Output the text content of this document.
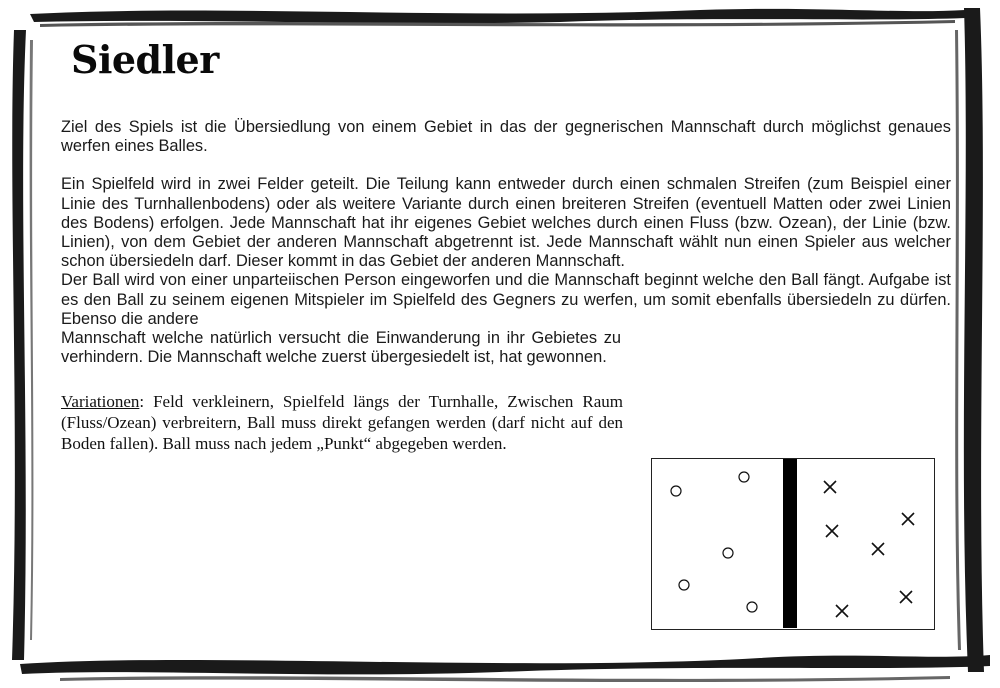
Siedler

Ziel des Spiels ist die Übersiedlung von einem Gebiet in das der gegnerischen Mannschaft durch möglichst genaues werfen eines Balles.

Ein Spielfeld wird in zwei Felder geteilt. Die Teilung kann entweder durch einen schmalen Streifen (zum Beispiel einer Linie des Turnhallenbodens) oder als weitere Variante durch einen breiteren Streifen (eventuell Matten oder zwei Linien des Bodens) erfolgen. Jede Mannschaft hat ihr eigenes Gebiet welches durch einen Fluss (bzw. Ozean), der Linie (bzw. Linien), von dem Gebiet der anderen Mannschaft abgetrennt ist. Jede Mannschaft wählt nun einen Spieler aus welcher schon übersiedeln darf. Dieser kommt in das Gebiet der anderen Mannschaft.

Der Ball wird von einer unparteiischen Person eingeworfen und die Mannschaft beginnt welche den Ball fängt. Aufgabe ist es den Ball zu seinem eigenen Mitspieler im Spielfeld des Gegners zu werfen, um somit ebenfalls übersiedeln zu dürfen. Ebenso die andere

Mannschaft welche natürlich versucht die Einwanderung in ihr Gebietes zu verhindern. Die Mannschaft welche zuerst übergesiedelt ist, hat gewonnen.

Variationen: Feld verkleinern, Spielfeld längs der Turnhalle, Zwischen Raum (Fluss/Ozean) verbreitern, Ball muss direkt gefangen werden (darf nicht auf den Boden fallen). Ball muss nach jedem „Punkt“ abgegeben werden.
